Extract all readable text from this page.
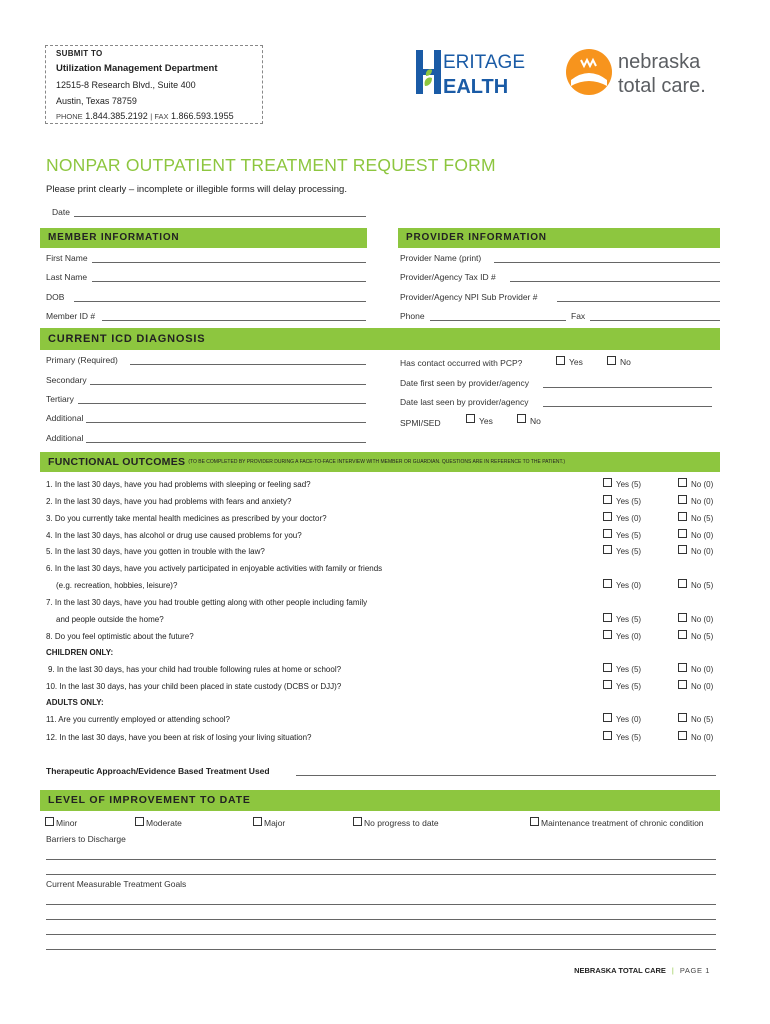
SUBMIT TO
Utilization Management Department
12515-8 Research Blvd., Suite 400
Austin, Texas 78759
PHONE 1.844.385.2192 | FAX 1.866.593.1955
ERITAGE
EALTH
nebraska
total care.
NONPAR OUTPATIENT TREATMENT REQUEST FORM
Please print clearly – incomplete or illegible forms will delay processing.
Date
MEMBER INFORMATION	PROVIDER INFORMATION
First Name
Last Name
DOB
Member ID #
Provider Name (print)
Provider/Agency Tax ID #
Provider/Agency NPI Sub Provider #
Phone	Fax
CURRENT ICD DIAGNOSIS
Primary (Required)
Secondary
Tertiary
Additional
Additional
Has contact occurred with PCP?	Yes	No
Date first seen by provider/agency
Date last seen by provider/agency
SPMI/SED	Yes	No
FUNCTIONAL OUTCOMES (TO BE COMPLETED BY PROVIDER DURING A FACE-TO-FACE INTERVIEW WITH MEMBER OR GUARDIAN. QUESTIONS ARE IN REFERENCE TO THE PATIENT.)
1. In the last 30 days, have you had problems with sleeping or feeling sad?	Yes (5)	No (0)
2. In the last 30 days, have you had problems with fears and anxiety?	Yes (5)	No (0)
3. Do you currently take mental health medicines as prescribed by your doctor?	Yes (0)	No (5)
4. In the last 30 days, has alcohol or drug use caused problems for you?	Yes (5)	No (0)
5. In the last 30 days, have you gotten in trouble with the law?	Yes (5)	No (0)
6. In the last 30 days, have you actively participated in enjoyable activities with family or friends
(e.g. recreation, hobbies, leisure)?	Yes (0)	No (5)
7. In the last 30 days, have you had trouble getting along with other people including family
and people outside the home?	Yes (5)	No (0)
8. Do you feel optimistic about the future?	Yes (0)	No (5)
CHILDREN ONLY:
9. In the last 30 days, has your child had trouble following rules at home or school?	Yes (5)	No (0)
10. In the last 30 days, has your child been placed in state custody (DCBS or DJJ)?	Yes (5)	No (0)
ADULTS ONLY:
11. Are you currently employed or attending school?	Yes (0)	No (5)
12. In the last 30 days, have you been at risk of losing your living situation?	Yes (5)	No (0)
Therapeutic Approach/Evidence Based Treatment Used
LEVEL OF IMPROVEMENT TO DATE
Minor	Moderate	Major	No progress to date	Maintenance treatment of chronic condition
Barriers to Discharge
Current Measurable Treatment Goals
NEBRASKA TOTAL CARE | PAGE 1
